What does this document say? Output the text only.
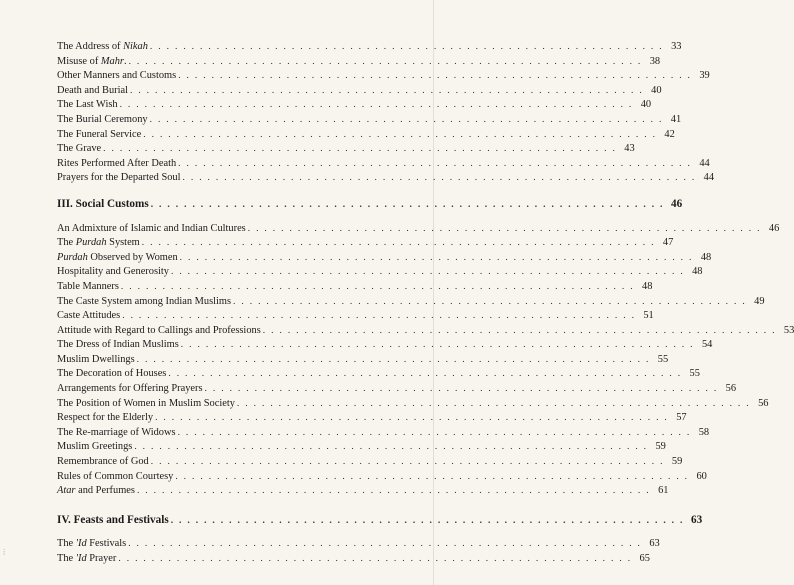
The Address of Nikah . . . . . . . . . . . . . . . . . . . . . . . . . . . . . . . . . . . . . . . . . . . . . . . . . . . . . . . . . . . . . . 33
Misuse of Mahr. . . . . . . . . . . . . . . . . . . . . . . . . . . . . . . . . . . . . . . . . . . . . . . . . . . . . . . . . . . . . . . 38
Other Manners and Customs . . . . . . . . . . . . . . . . . . . . . . . . . . . . . . . . . . . . . . . . . . . . . . . . . . . . . . . . . . . . . . 39
Death and Burial . . . . . . . . . . . . . . . . . . . . . . . . . . . . . . . . . . . . . . . . . . . . . . . . . . . . . . . . . . . . . . 40
The Last Wish . . . . . . . . . . . . . . . . . . . . . . . . . . . . . . . . . . . . . . . . . . . . . . . . . . . . . . . . . . . . . . 40
The Burial Ceremony . . . . . . . . . . . . . . . . . . . . . . . . . . . . . . . . . . . . . . . . . . . . . . . . . . . . . . . . . . . . . . 41
The Funeral Service . . . . . . . . . . . . . . . . . . . . . . . . . . . . . . . . . . . . . . . . . . . . . . . . . . . . . . . . . . . . . . 42
The Grave . . . . . . . . . . . . . . . . . . . . . . . . . . . . . . . . . . . . . . . . . . . . . . . . . . . . . . . . . . . . . . 43
Rites Performed After Death . . . . . . . . . . . . . . . . . . . . . . . . . . . . . . . . . . . . . . . . . . . . . . . . . . . . . . . . . . . . . . 44
Prayers for the Departed Soul . . . . . . . . . . . . . . . . . . . . . . . . . . . . . . . . . . . . . . . . . . . . . . . . . . . . . . . . . . . . . . 44
III. Social Customs . . . . . . . . . . . . . . . . . . . . . . . . . . . . . . . . . . . . . . . . . . . . . . . . . . . . . . . . . . . . . . 46
An Admixture of Islamic and Indian Cultures . . . . . . . . . . . . . . . . . . . . . . . . . . . . . . . . . . . . . . . . . . . . . . . . . . . . . . . . . . . . . . 46
The Purdah System . . . . . . . . . . . . . . . . . . . . . . . . . . . . . . . . . . . . . . . . . . . . . . . . . . . . . . . . . . . . . . 47
Purdah Observed by Women . . . . . . . . . . . . . . . . . . . . . . . . . . . . . . . . . . . . . . . . . . . . . . . . . . . . . . . . . . . . . . 48
Hospitality and Generosity . . . . . . . . . . . . . . . . . . . . . . . . . . . . . . . . . . . . . . . . . . . . . . . . . . . . . . . . . . . . . . 48
Table Manners . . . . . . . . . . . . . . . . . . . . . . . . . . . . . . . . . . . . . . . . . . . . . . . . . . . . . . . . . . . . . . 48
The Caste System among Indian Muslims . . . . . . . . . . . . . . . . . . . . . . . . . . . . . . . . . . . . . . . . . . . . . . . . . . . . . . . . . . . . . . 49
Caste Attitudes . . . . . . . . . . . . . . . . . . . . . . . . . . . . . . . . . . . . . . . . . . . . . . . . . . . . . . . . . . . . . . 51
Attitude with Regard to Callings and Professions . . . . . . . . . . . . . . . . . . . . . . . . . . . . . . . . . . . . . . . . . . . . . . . . . . . . . . . . . . . . . . 53
The Dress of Indian Muslims . . . . . . . . . . . . . . . . . . . . . . . . . . . . . . . . . . . . . . . . . . . . . . . . . . . . . . . . . . . . . . 54
Muslim Dwellings . . . . . . . . . . . . . . . . . . . . . . . . . . . . . . . . . . . . . . . . . . . . . . . . . . . . . . . . . . . . . . 55
The Decoration of Houses . . . . . . . . . . . . . . . . . . . . . . . . . . . . . . . . . . . . . . . . . . . . . . . . . . . . . . . . . . . . . . 55
Arrangements for Offering Prayers . . . . . . . . . . . . . . . . . . . . . . . . . . . . . . . . . . . . . . . . . . . . . . . . . . . . . . . . . . . . . . 56
The Position of Women in Muslim Society . . . . . . . . . . . . . . . . . . . . . . . . . . . . . . . . . . . . . . . . . . . . . . . . . . . . . . . . . . . . . . 56
Respect for the Elderly . . . . . . . . . . . . . . . . . . . . . . . . . . . . . . . . . . . . . . . . . . . . . . . . . . . . . . . . . . . . . . 57
The Re-marriage of Widows . . . . . . . . . . . . . . . . . . . . . . . . . . . . . . . . . . . . . . . . . . . . . . . . . . . . . . . . . . . . . . 58
Muslim Greetings . . . . . . . . . . . . . . . . . . . . . . . . . . . . . . . . . . . . . . . . . . . . . . . . . . . . . . . . . . . . . . 59
Remembrance of God . . . . . . . . . . . . . . . . . . . . . . . . . . . . . . . . . . . . . . . . . . . . . . . . . . . . . . . . . . . . . . 59
Rules of Common Courtesy . . . . . . . . . . . . . . . . . . . . . . . . . . . . . . . . . . . . . . . . . . . . . . . . . . . . . . . . . . . . . . 60
Atar and Perfumes . . . . . . . . . . . . . . . . . . . . . . . . . . . . . . . . . . . . . . . . . . . . . . . . . . . . . . . . . . . . . . 61
IV. Feasts and Festivals . . . . . . . . . . . . . . . . . . . . . . . . . . . . . . . . . . . . . . . . . . . . . . . . . . . . . . . . . . . . . . 63
The 'Id Festivals . . . . . . . . . . . . . . . . . . . . . . . . . . . . . . . . . . . . . . . . . . . . . . . . . . . . . . . . . . . . . . 63
The 'Id Prayer . . . . . . . . . . . . . . . . . . . . . . . . . . . . . . . . . . . . . . . . . . . . . . . . . . . . . . . . . . . . . . 65
⁞
